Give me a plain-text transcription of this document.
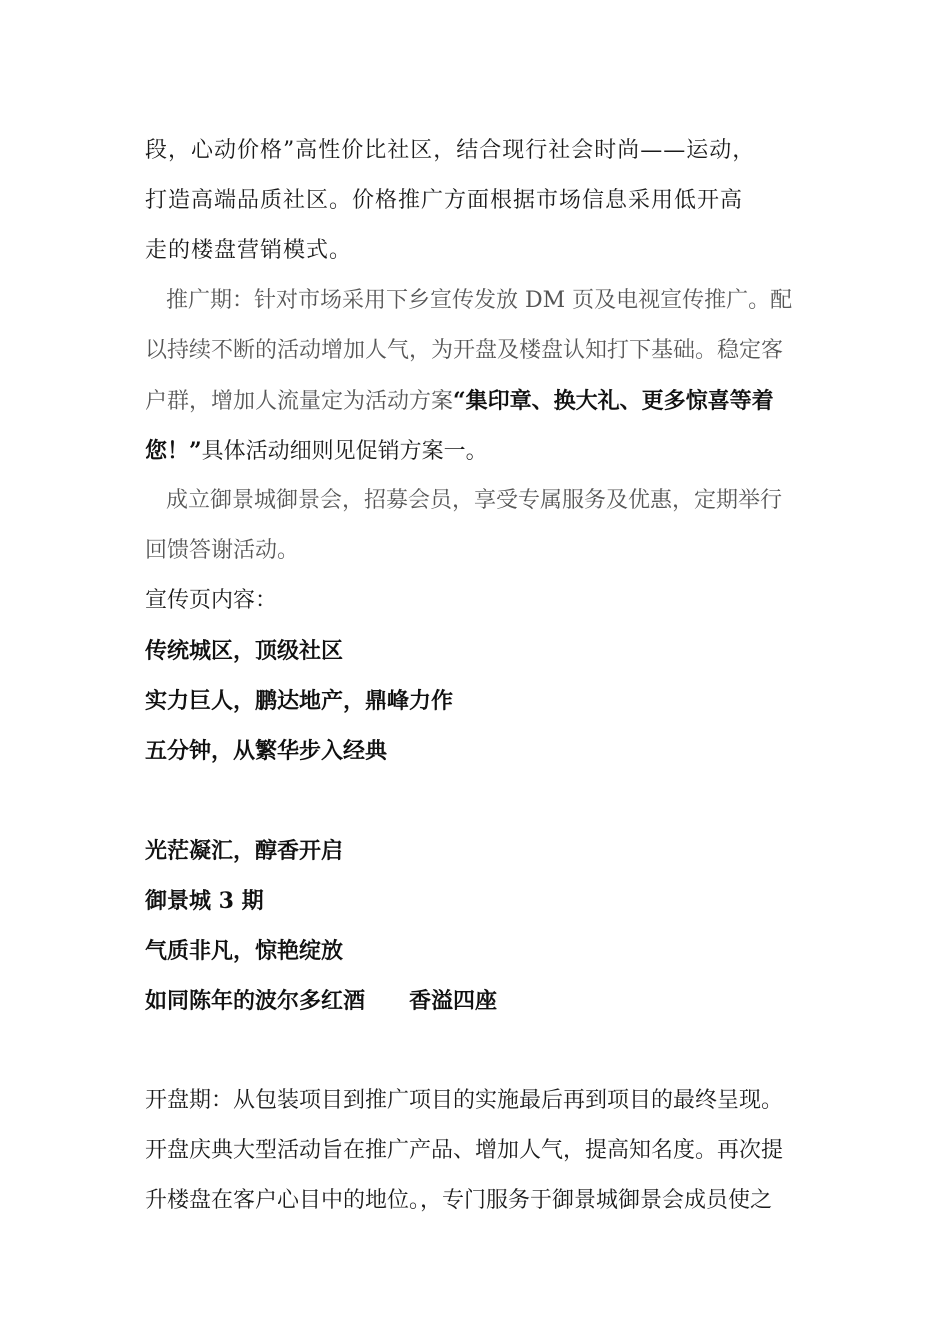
段，心动价格”高性价比社区，结合现行社会时尚——运动，
打造高端品质社区。价格推广方面根据市场信息采用低开高
走的楼盘营销模式。
推广期：针对市场采用下乡宣传发放 DM 页及电视宣传推广。配
以持续不断的活动增加人气，为开盘及楼盘认知打下基础。稳定客
户群，增加人流量定为活动方案“集印章、换大礼、更多惊喜等着
您！”具体活动细则见促销方案一。
成立御景城御景会，招募会员，享受专属服务及优惠，定期举行
回馈答谢活动。
宣传页内容：
传统城区，顶级社区
实力巨人，鹏达地产，鼎峰力作
五分钟，从繁华步入经典
光茫凝汇，醇香开启
御景城 3 期
气质非凡，惊艳绽放
如同陈年的波尔多红酒 香溢四座
开盘期：从包装项目到推广项目的实施最后再到项目的最终呈现。
开盘庆典大型活动旨在推广产品、增加人气，提高知名度。再次提
升楼盘在客户心目中的地位。，专门服务于御景城御景会成员使之
